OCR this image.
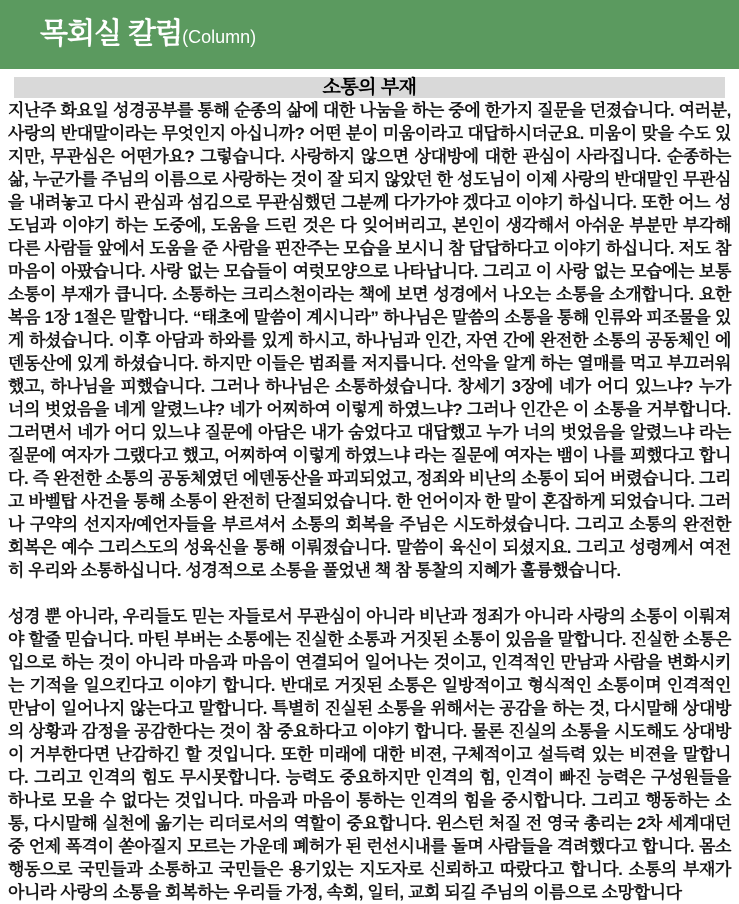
목회실 칼럼 (Column)
소통의 부재

지난주 화요일 성경공부를 통해 순종의 삶에 대한 나눔을 하는 중에 한가지 질문을 던졌습니다. 여러분, 사랑의 반대말이라는 무엇인지 아십니까? 어떤 분이 미움이라고 대답하시더군요. 미움이 맞을 수도 있지만, 무관심은 어떤가요? 그렇습니다. 사랑하지 않으면 상대방에 대한 관심이 사라집니다. 순종하는 삶, 누군가를 주님의 이름으로 사랑하는 것이 잘 되지 않았던 한 성도님이 이제 사랑의 반대말인 무관심을 내려놓고 다시 관심과 섬김으로 무관심했던 그분께 다가가야 겠다고 이야기 하십니다. 또한 어느 성도님과 이야기 하는 도중에, 도움을 드린 것은 다 잊어버리고, 본인이 생각해서 아쉬운 부분만 부각해 다른 사람들 앞에서 도움을 준 사람을 핀잔주는 모습을 보시니 참 답답하다고 이야기 하십니다. 저도 참 마음이 아팠습니다. 사랑 없는 모습들이 여럿모양으로 나타납니다. 그리고 이 사랑 없는 모습에는 보통 소통이 부재가 큽니다. 소통하는 크리스천이라는 책에 보면 성경에서 나오는 소통을 소개합니다. 요한복음 1장 1절은 말합니다. “태초에 말씀이 계시니라” 하나님은 말씀의 소통을 통해 인류와 피조물을 있게 하셨습니다. 이후 아담과 하와를 있게 하시고, 하나님과 인간, 자연 간에 완전한 소통의 공동체인 에덴동산에 있게 하셨습니다. 하지만 이들은 범죄를 저지릅니다. 선악을 알게 하는 열매를 먹고 부끄러워했고, 하나님을 피했습니다. 그러나 하나님은 소통하셨습니다. 창세기 3장에 네가 어디 있느냐? 누가 너의 벗었음을 네게 알렸느냐? 네가 어찌하여 이렇게 하였느냐? 그러나 인간은 이 소통을 거부합니다. 그러면서 네가 어디 있느냐 질문에 아담은 내가 숨었다고 대답했고 누가 너의 벗었음을 알렸느냐 라는 질문에 여자가 그랬다고 했고, 어찌하여 이렇게 하였느냐 라는 질문에 여자는 뱀이 나를 꾀했다고 합니다. 즉 완전한 소통의 공동체였던 에덴동산을 파괴되었고, 정죄와 비난의 소통이 되어 버렸습니다. 그리고 바벨탑 사건을 통해 소통이 완전히 단절되었습니다. 한 언어이자 한 말이 혼잡하게 되었습니다. 그러나 구약의 선지자/예언자들을 부르셔서 소통의 회복을 주님은 시도하셨습니다. 그리고 소통의 완전한 회복은 예수 그리스도의 성육신을 통해 이뤄졌습니다. 말씀이 육신이 되셨지요. 그리고 성령께서 여전히 우리와 소통하십니다. 성경적으로 소통을 풀었낸 책 참 통찰의 지혜가 훌륭했습니다.

성경 뿐 아니라, 우리들도 믿는 자들로서 무관심이 아니라 비난과 정죄가 아니라 사랑의 소통이 이뤄져야 할줄 믿습니다. 마틴 부버는 소통에는 진실한 소통과 거짓된 소통이 있음을 말합니다. 진실한 소통은 입으로 하는 것이 아니라 마음과 마음이 연결되어 일어나는 것이고, 인격적인 만남과 사람을 변화시키는 기적을 일으킨다고 이야기 합니다. 반대로 거짓된 소통은 일방적이고 형식적인 소통이며 인격적인 만남이 일어나지 않는다고 말합니다. 특별히 진실된 소통을 위해서는 공감을 하는 것, 다시말해 상대방의 상황과 감정을 공감한다는 것이 참 중요하다고 이야기 합니다. 물론 진실의 소통을 시도해도 상대방이 거부한다면 난감하긴 할 것입니다. 또한 미래에 대한 비젼, 구체적이고 설득력 있는 비젼을 말합니다. 그리고 인격의 힘도 무시못합니다. 능력도 중요하지만 인격의 힘, 인격이 빠진 능력은 구성원들을 하나로 모을 수 없다는 것입니다. 마음과 마음이 통하는 인격의 힘을 중시합니다. 그리고 행동하는 소통, 다시말해 실천에 옮기는 리더로서의 역할이 중요합니다. 윈스턴 처질 전 영국 총리는 2차 세계대던 중 언제 폭격이 쏟아질지 모르는 가운데 폐허가 된 런선시내를 돌며 사람들을 격려했다고 합니다. 몸소 행동으로 국민들과 소통하고 국민들은 용기있는 지도자로 신뢰하고 따랐다고 합니다. 소통의 부재가 아니라 사랑의 소통을 회복하는 우리들 가정, 속회, 일터, 교회 되길 주님의 이름으로 소망합니다
